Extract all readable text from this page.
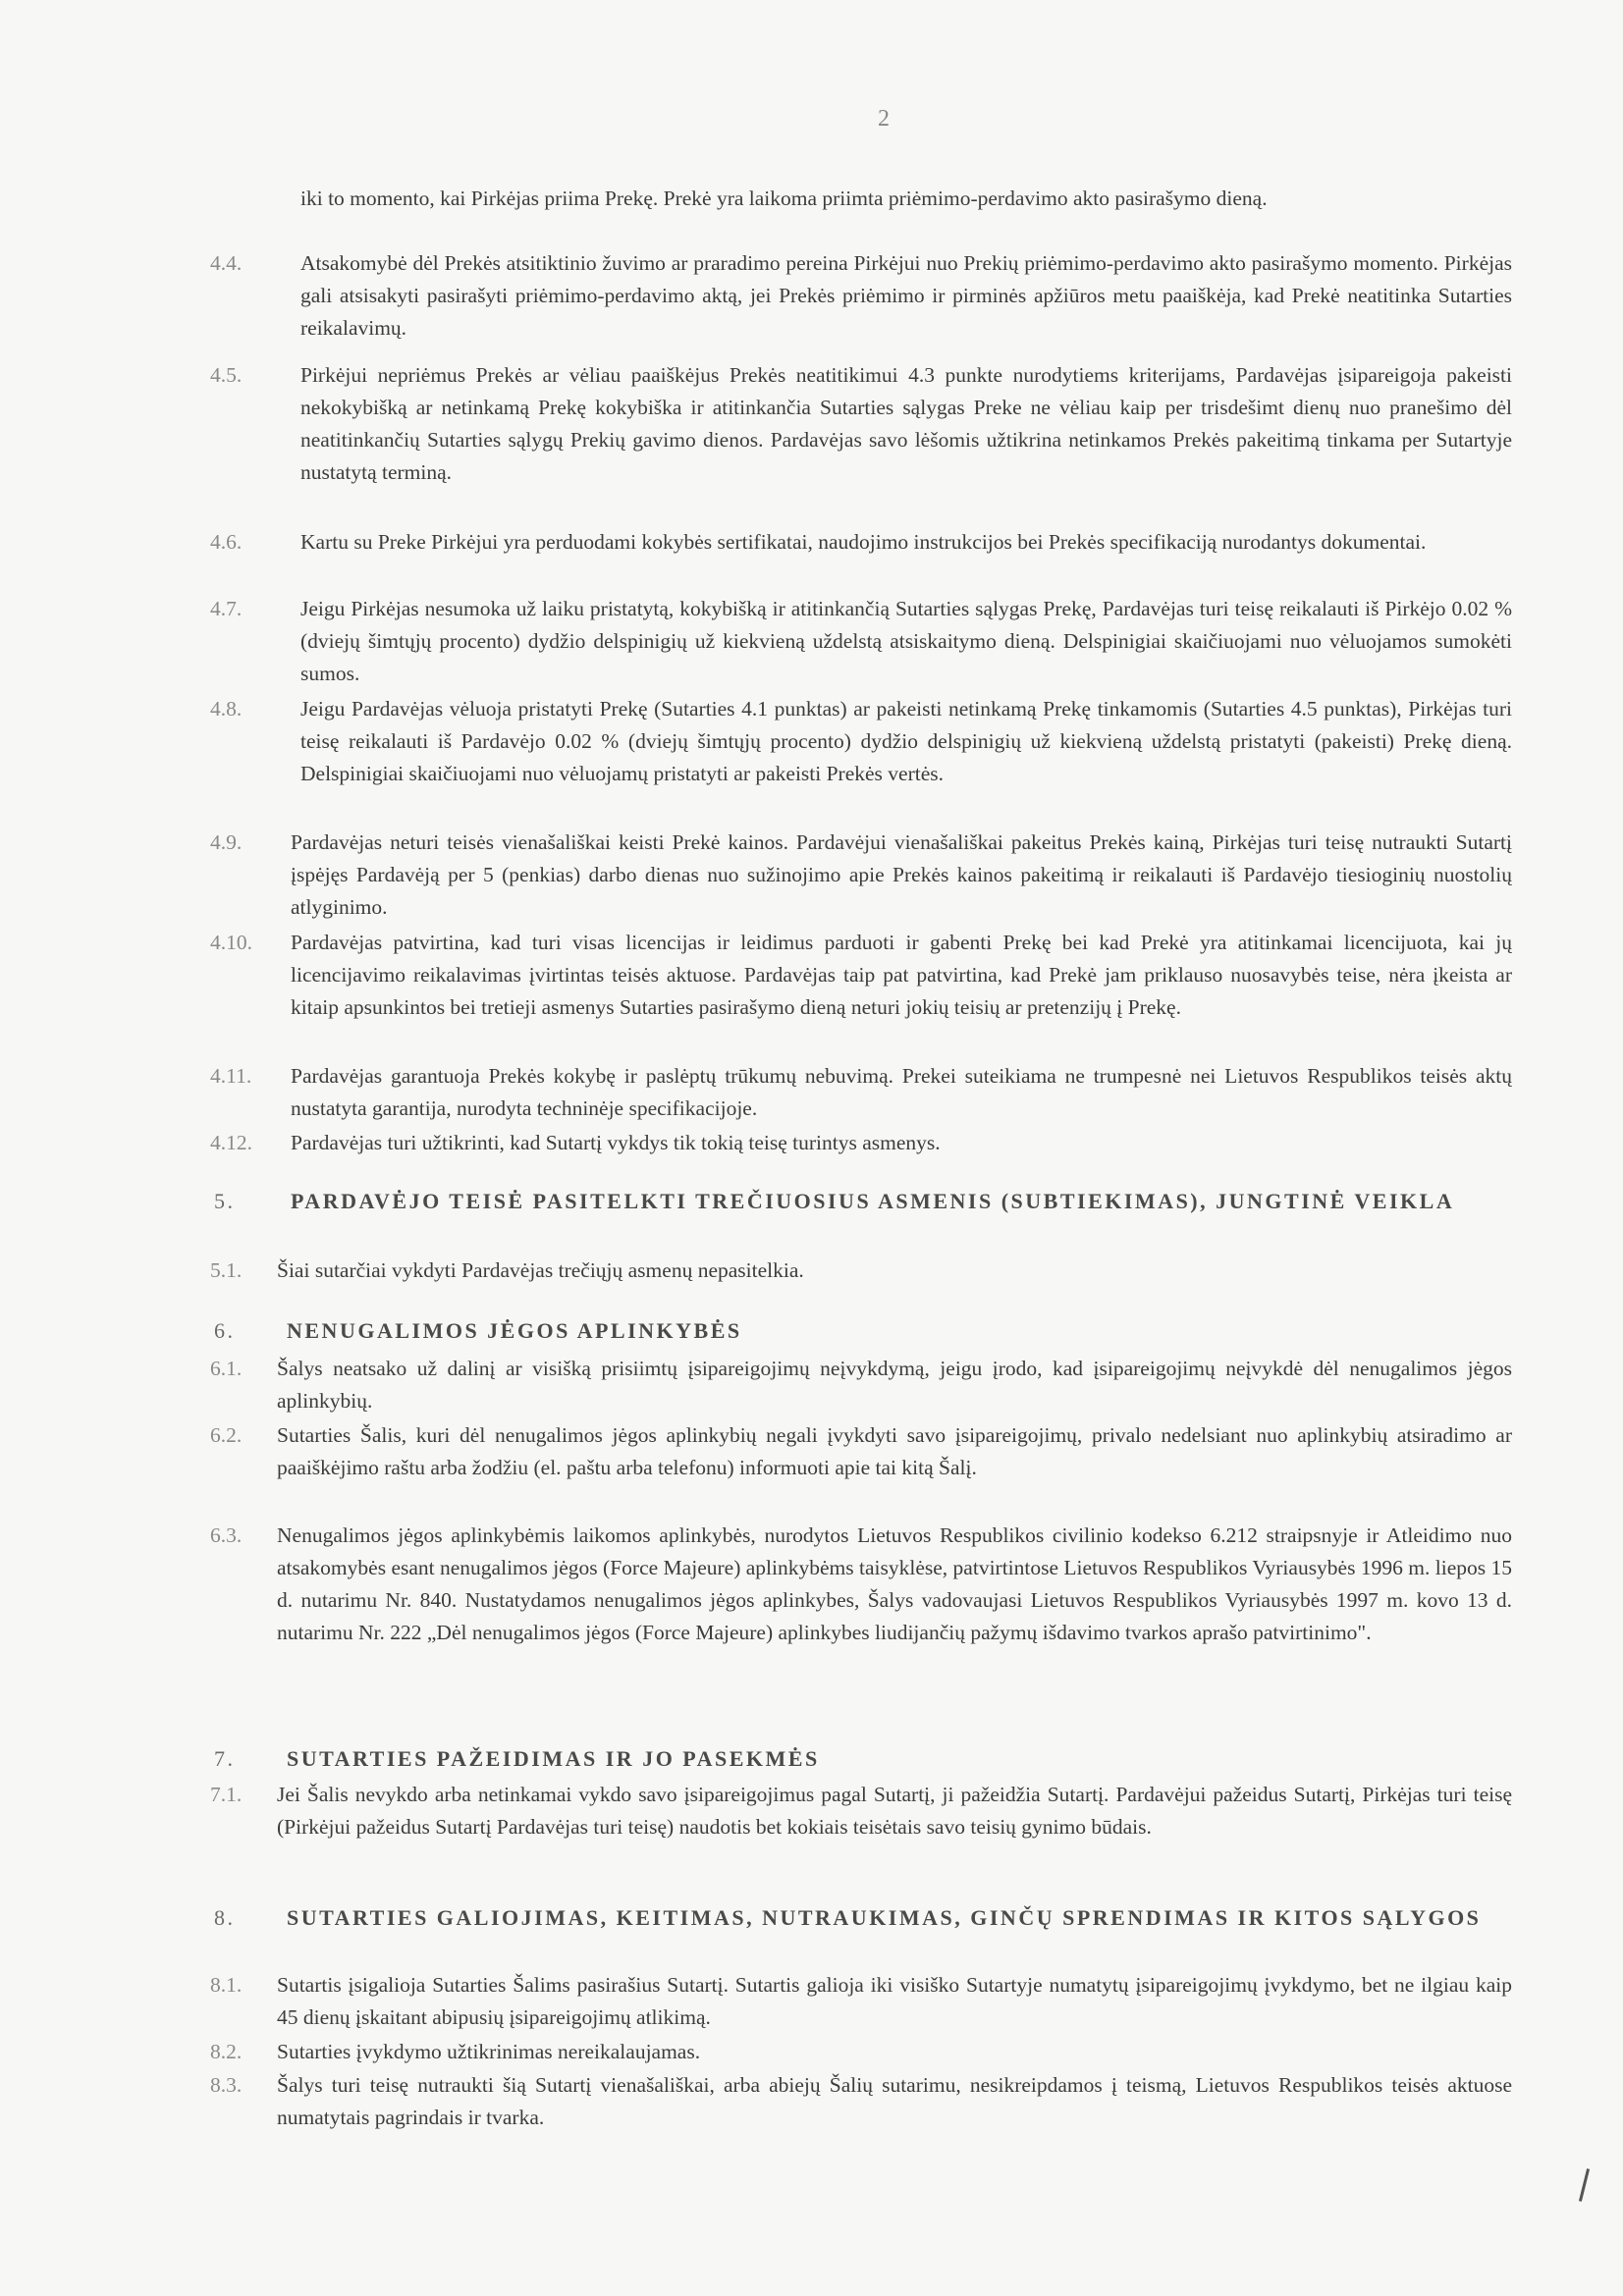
2
iki to momento, kai Pirkėjas priima Prekę. Prekė yra laikoma priimta priėmimo-perdavimo akto pasirašymo dieną.
4.4.	Atsakomybė dėl Prekės atsitiktinio žuvimo ar praradimo pereina Pirkėjui nuo Prekių priėmimo-perdavimo akto pasirašymo momento. Pirkėjas gali atsisakyti pasirašyti priėmimo-perdavimo aktą, jei Prekės priėmimo ir pirminės apžiūros metu paaiškėja, kad Prekė neatitinka Sutarties reikalavimų.
4.5.	Pirkėjui nepriėmus Prekės ar vėliau paaiškėjus Prekės neatitikimui 4.3 punkte nurodytiems kriterijams, Pardavėjas įsipareigoja pakeisti nekokybišką ar netinkamą Prekę kokybiška ir atitinkančia Sutarties sąlygas Preke ne vėliau kaip per trisdešimt dienų nuo pranešimo dėl neatitinkančių Sutarties sąlygų Prekių gavimo dienos. Pardavėjas savo lėšomis užtikrina netinkamos Prekės pakeitimą tinkama per Sutartyje nustatytą terminą.
4.6.	Kartu su Preke Pirkėjui yra perduodami kokybės sertifikatai, naudojimo instrukcijos bei Prekės specifikaciją nurodantys dokumentai.
4.7.	Jeigu Pirkėjas nesumoka už laiku pristatytą, kokybišką ir atitinkančią Sutarties sąlygas Prekę, Pardavėjas turi teisę reikalauti iš Pirkėjo 0.02 % (dviejų šimtųjų procento) dydžio delspinigių už kiekvieną uždelstą atsiskaitymo dieną. Delspinigiai skaičiuojami nuo vėluojamos sumokėti sumos.
4.8.	Jeigu Pardavėjas vėluoja pristatyti Prekę (Sutarties 4.1 punktas) ar pakeisti netinkamą Prekę tinkamomis (Sutarties 4.5 punktas), Pirkėjas turi teisę reikalauti iš Pardavėjo 0.02 % (dviejų šimtųjų procento) dydžio delspinigių už kiekvieną uždelstą pristatyti (pakeisti) Prekę dieną. Delspinigiai skaičiuojami nuo vėluojamų pristatyti ar pakeisti Prekės vertės.
4.9. Pardavėjas neturi teisės vienašališkai keisti Prekė kainos. Pardavėjui vienašališkai pakeitus Prekės kainą, Pirkėjas turi teisę nutraukti Sutartį įspėjęs Pardavėją per 5 (penkias) darbo dienas nuo sužinojimo apie Prekės kainos pakeitimą ir reikalauti iš Pardavėjo tiesioginių nuostolių atlyginimo.
4.10. Pardavėjas patvirtina, kad turi visas licencijas ir leidimus parduoti ir gabenti Prekę bei kad Prekė yra atitinkamai licencijuota, kai jų licencijavimo reikalavimas įvirtintas teisės aktuose. Pardavėjas taip pat patvirtina, kad Prekė jam priklauso nuosavybės teise, nėra įkeista ar kitaip apsunkintos bei tretieji asmenys Sutarties pasirašymo dieną neturi jokių teisių ar pretenzijų į Prekę.
4.11. Pardavėjas garantuoja Prekės kokybę ir paslėptų trūkumų nebuvimą. Prekei suteikiama ne trumpesnė nei Lietuvos Respublikos teisės aktų nustatyta garantija, nurodyta techninėje specifikacijoje.
4.12. Pardavėjas turi užtikrinti, kad Sutartį vykdys tik tokią teisę turintys asmenys.
5.	PARDAVĖJO TEISĖ PASITELKTI TREČIUOSIUS ASMENIS (SUBTIEKIMAS), JUNGTINĖ VEIKLA
5.1. Šiai sutarčiai vykdyti Pardavėjas trečiųjų asmenų nepasitelkia.
6. NENUGALIMOS JĖGOS APLINKYBĖS
6.1. Šalys neatsako už dalinį ar visišką prisiimtų įsipareigojimų neįvykdymą, jeigu įrodo, kad įsipareigojimų neįvykdė dėl nenugalimos jėgos aplinkybių.
6.2. Sutarties Šalis, kuri dėl nenugalimos jėgos aplinkybių negali įvykdyti savo įsipareigojimų, privalo nedelsiant nuo aplinkybių atsiradimo ar paaiškėjimo raštu arba žodžiu (el. paštu arba telefonu) informuoti apie tai kitą Šalį.
6.3. Nenugalimos jėgos aplinkybėmis laikomos aplinkybės, nurodytos Lietuvos Respublikos civilinio kodekso 6.212 straipsnyje ir Atleidimo nuo atsakomybės esant nenugalimos jėgos (Force Majeure) aplinkybėms taisyklėse, patvirtintose Lietuvos Respublikos Vyriausybės 1996 m. liepos 15 d. nutarimu Nr. 840. Nustatydamos nenugalimos jėgos aplinkybes, Šalys vadovaujasi Lietuvos Respublikos Vyriausybės 1997 m. kovo 13 d. nutarimu Nr. 222 „Dėl nenugalimos jėgos (Force Majeure) aplinkybes liudijančių pažymų išdavimo tvarkos aprašo patvirtinimo".
7. SUTARTIES PAŽEIDIMAS IR JO PASEKMĖS
7.1. Jei Šalis nevykdo arba netinkamai vykdo savo įsipareigojimus pagal Sutartį, ji pažeidžia Sutartį. Pardavėjui pažeidus Sutartį, Pirkėjas turi teisę (Pirkėjui pažeidus Sutartį Pardavėjas turi teisę) naudotis bet kokiais teisėtais savo teisių gynimo būdais.
8. SUTARTIES GALIOJIMAS, KEITIMAS, NUTRAUKIMAS, GINČŲ SPRENDIMAS IR KITOS SĄLYGOS
8.1. Sutartis įsigalioja Sutarties Šalims pasirašius Sutartį. Sutartis galioja iki visiško Sutartyje numatytų įsipareigojimų įvykdymo, bet ne ilgiau kaip 45 dienų įskaitant abipusių įsipareigojimų atlikimą.
8.2. Sutarties įvykdymo užtikrinimas nereikalaujamas.
8.3. Šalys turi teisę nutraukti šią Sutartį vienašališkai, arba abiejų Šalių sutarimu, nesikreipdamos į teismą, Lietuvos Respublikos teisės aktuose numatytais pagrindais ir tvarka.
